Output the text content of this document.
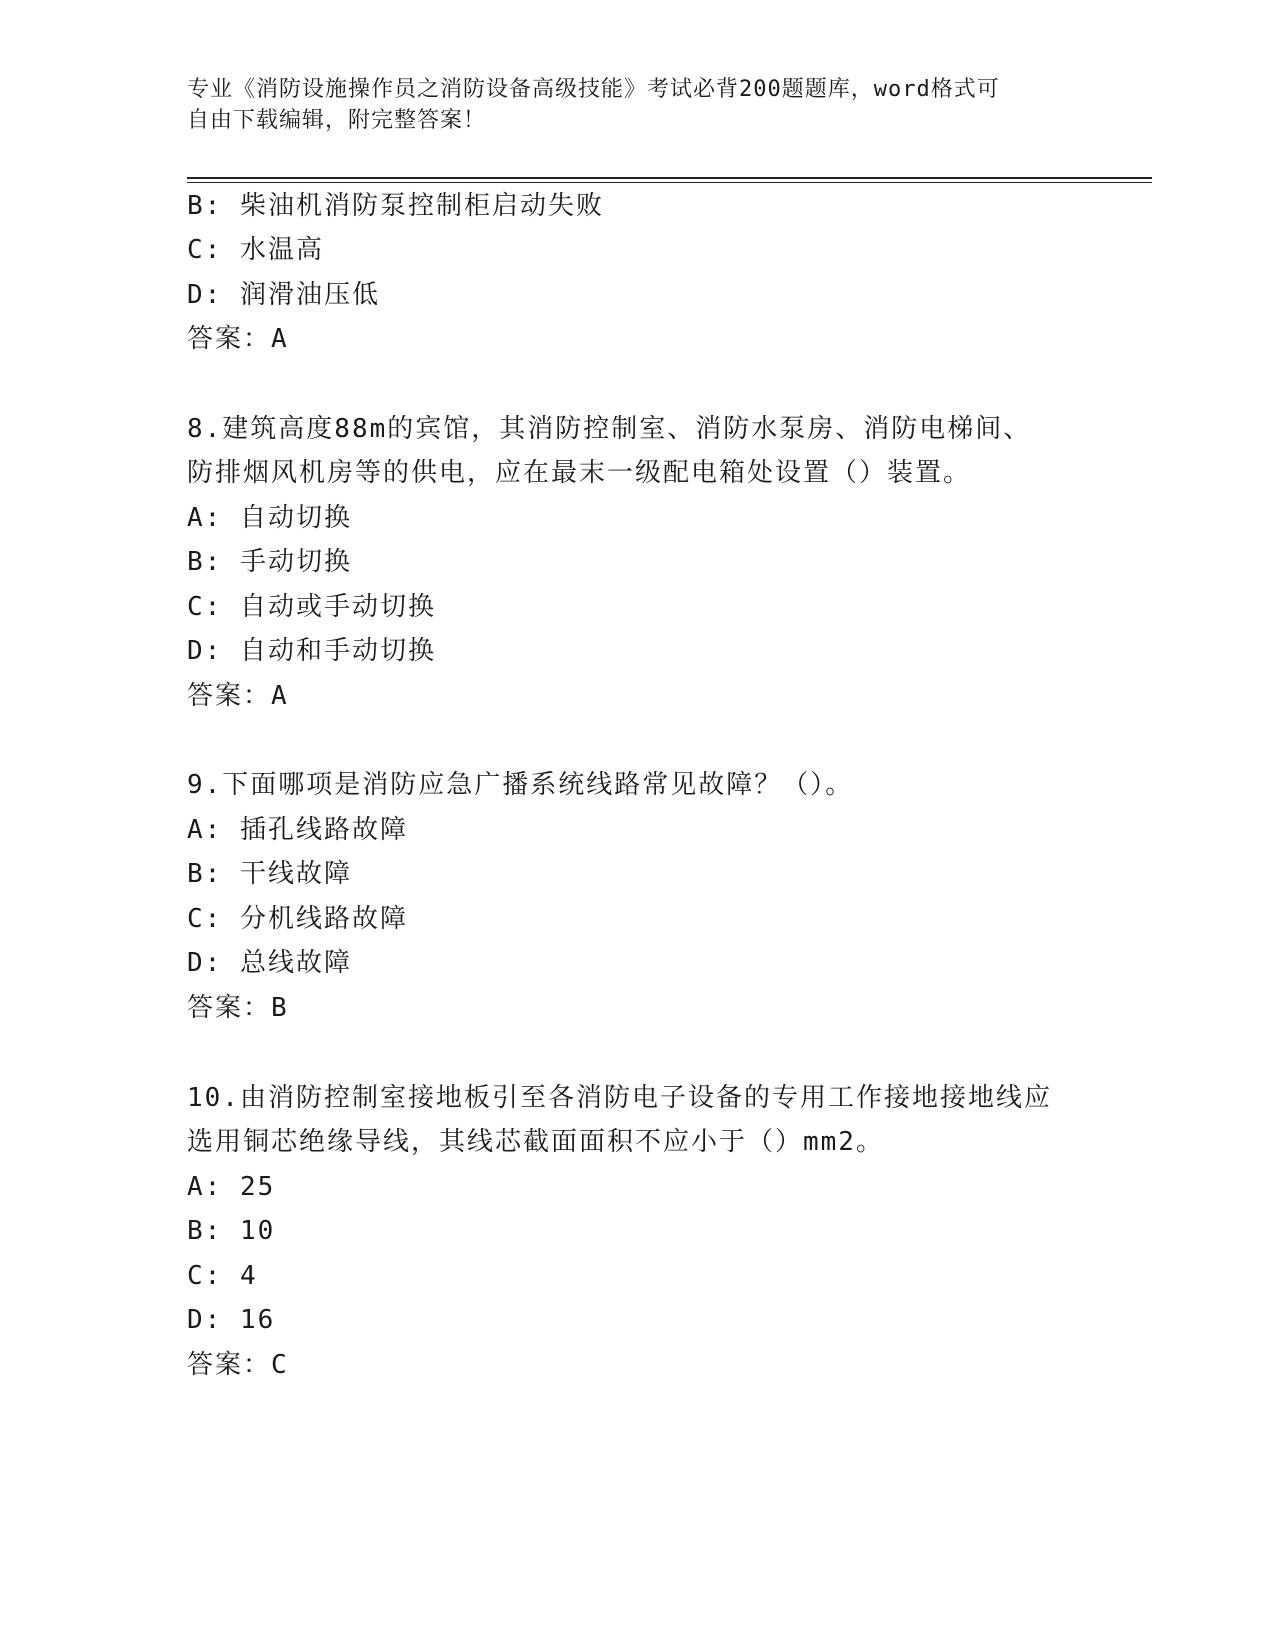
专业《消防设施操作员之消防设备高级技能》考试必背200题题库，word格式可
自由下载编辑，附完整答案！
B: 柴油机消防泵控制柜启动失败
C: 水温高
D: 润滑油压低
答案：A
8.建筑高度88m的宾馆，其消防控制室、消防水泵房、消防电梯间、
防排烟风机房等的供电，应在最末一级配电箱处设置（）装置。
A: 自动切换
B: 手动切换
C: 自动或手动切换
D: 自动和手动切换
答案：A
9.下面哪项是消防应急广播系统线路常见故障？（）。
A: 插孔线路故障
B: 干线故障
C: 分机线路故障
D: 总线故障
答案：B
10.由消防控制室接地板引至各消防电子设备的专用工作接地接地线应
选用铜芯绝缘导线，其线芯截面面积不应小于（）mm2。
A: 25
B: 10
C: 4
D: 16
答案：C
